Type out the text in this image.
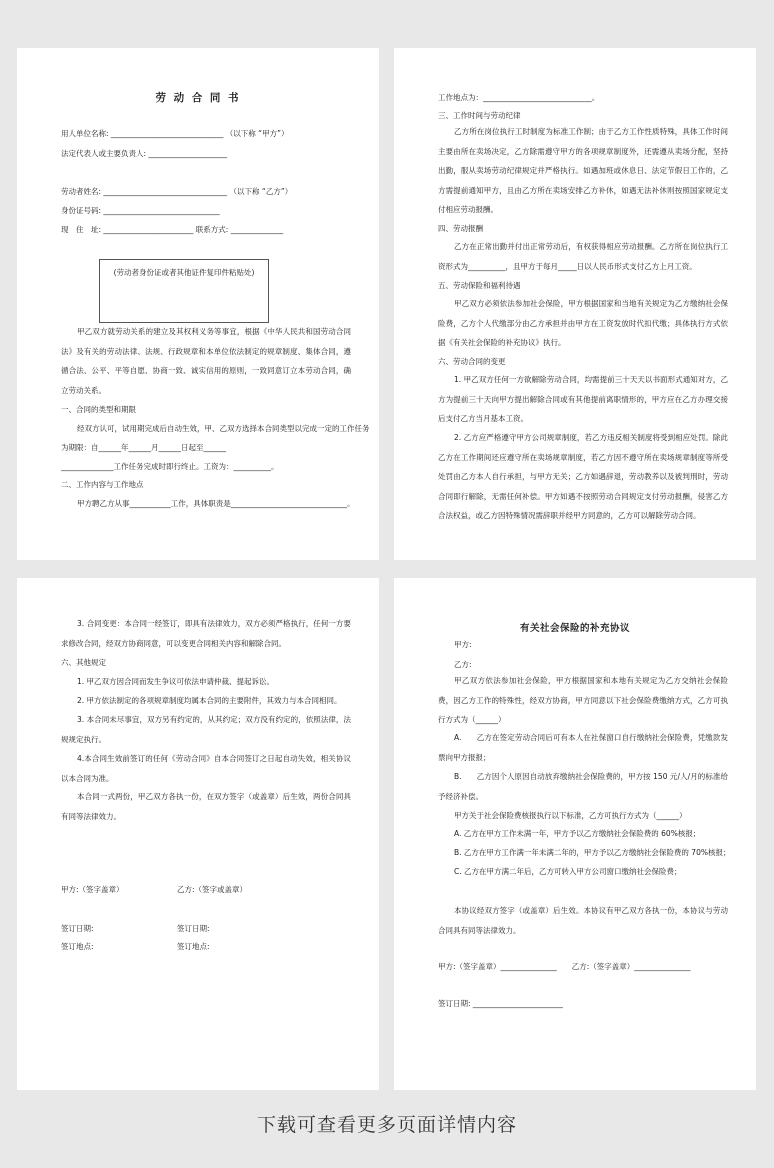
劳 动 合 同 书
用人单位名称: ______________________________ （以下称 “甲方”）
法定代表人或主要负责人: _____________________
劳动者姓名: _________________________________ （以下称 “乙方”）
身份证号码: _______________________________
现　住　址: ________________________ 联系方式: ______________
(劳动者身份证或者其他证件复印件粘贴处)
甲乙双方就劳动关系的建立及其权利义务等事宜，根据《中华人民共和国劳动合同法》及有关的劳动法律、法规、行政规章和本单位依法制定的规章制度、集体合同，遵循合法、公平、平等自愿、协商一致、诚实信用的原则，一致同意订立本劳动合同，确立劳动关系。
一、合同的类型和期限
经双方认可，试用期完成后自动生效，甲、乙双方选择本合同类型以完成一定的工作任务
为期限：自______年______月______日起至______
______________工作任务完成时即行终止。工资为：__________。
二、工作内容与工作地点
甲方聘乙方从事___________工作，具体职责是_______________________________。
工作地点为：_____________________________。
三、工作时间与劳动纪律
乙方所在岗位执行工时制度为标准工作制；由于乙方工作性质特殊，具体工作时间主要由所在卖场决定，乙方除需遵守甲方的各项规章制度外，还需遵从卖场分配，坚持出勤，服从卖场劳动纪律规定并严格执行。如遇加班或休息日、法定节假日工作的，乙方需提前通知甲方，且由乙方所在卖场安排乙方补休，如遇无法补休则按照国家规定支付相应劳动报酬。
四、劳动报酬
乙方在正常出勤并付出正常劳动后，有权获得相应劳动报酬。乙方所在岗位执行工资形式为__________，且甲方于每月_____日以人民币形式支付乙方上月工资。
五、劳动保险和福利待遇
甲乙双方必须依法参加社会保险，甲方根据国家和当地有关规定为乙方缴纳社会保险费，乙方个人代缴部分由乙方承担并由甲方在工资发放时代扣代缴；具体执行方式依据《有关社会保险的补充协议》执行。
六、劳动合同的变更
1. 甲乙双方任何一方欲解除劳动合同，均需提前三十天天以书面形式通知对方，乙方为提前三十天向甲方提出解除合同或有其他提前离职情形的，甲方应在乙方办理交接后支付乙方当月基本工资。
2. 乙方应严格遵守甲方公司规章制度，若乙方违反相关制度将受到相应处罚。除此乙方在工作期间还应遵守所在卖场规章制度，若乙方因不遵守所在卖场规章制度等所受处罚由乙方本人自行承担，与甲方无关；乙方如遇辞退，劳动教养以及被判刑时，劳动合同即行解除，无需任何补偿。甲方如遇不按照劳动合同规定支付劳动报酬，侵害乙方合法权益，或乙方因特殊情况需辞职并经甲方同意的，乙方可以解除劳动合同。
3. 合同变更：本合同一经签订，即具有法律效力，双方必须严格执行，任何一方要求修改合同，经双方协商同意，可以变更合同相关内容和解除合同。
六、其他规定
1. 甲乙双方因合同而发生争议可依法申请仲裁、提起诉讼。
2. 甲方依法制定的各项规章制度均属本合同的主要附件，其效力与本合同相同。
3. 本合同未尽事宜，双方另有约定的，从其约定；双方没有约定的，依照法律，法规规定执行。
4.本合同生效前签订的任何《劳动合同》自本合同签订之日起自动失效，相关协议以本合同为准。
本合同一式两份，甲乙双方各执一份，在双方签字（或盖章）后生效，两份合同具有同等法律效力。
甲方:（签字盖章）	乙方:（签字或盖章）
签订日期:	签订日期:
签订地点:	签订地点:
有关社会保险的补充协议
甲方:
乙方:
甲乙双方依法参加社会保险，甲方根据国家和本地有关规定为乙方交纳社会保险费，因乙方工作的特殊性，经双方协商，甲方同意以下社会保险费缴纳方式，乙方可执行方式为（______）
A.　　乙方在签定劳动合同后可有本人在社保窗口自行缴纳社会保险费，凭缴款发票向甲方报报；
B.　　乙方因个人原因自动放弃缴纳社会保险费的，甲方按 150 元/人/月的标准给予经济补偿。
甲方关于社会保险费核报执行以下标准，乙方可执行方式为（______）
A. 乙方在甲方工作未满一年，甲方予以乙方缴纳社会保险费的 60%核报；
B. 乙方在甲方工作满一年未满二年的，甲方予以乙方缴纳社会保险费的 70%核报；
C. 乙方在甲方满二年后，乙方可转入甲方公司窗口缴纳社会保险费；
本协议经双方签字（或盖章）后生效。本协议有甲乙双方各执一份，本协议与劳动合同具有同等法律效力。
甲方:（签字盖章）_______________　　乙方:（签字盖章）_______________
签订日期: ________________________
下载可查看更多页面详情内容
